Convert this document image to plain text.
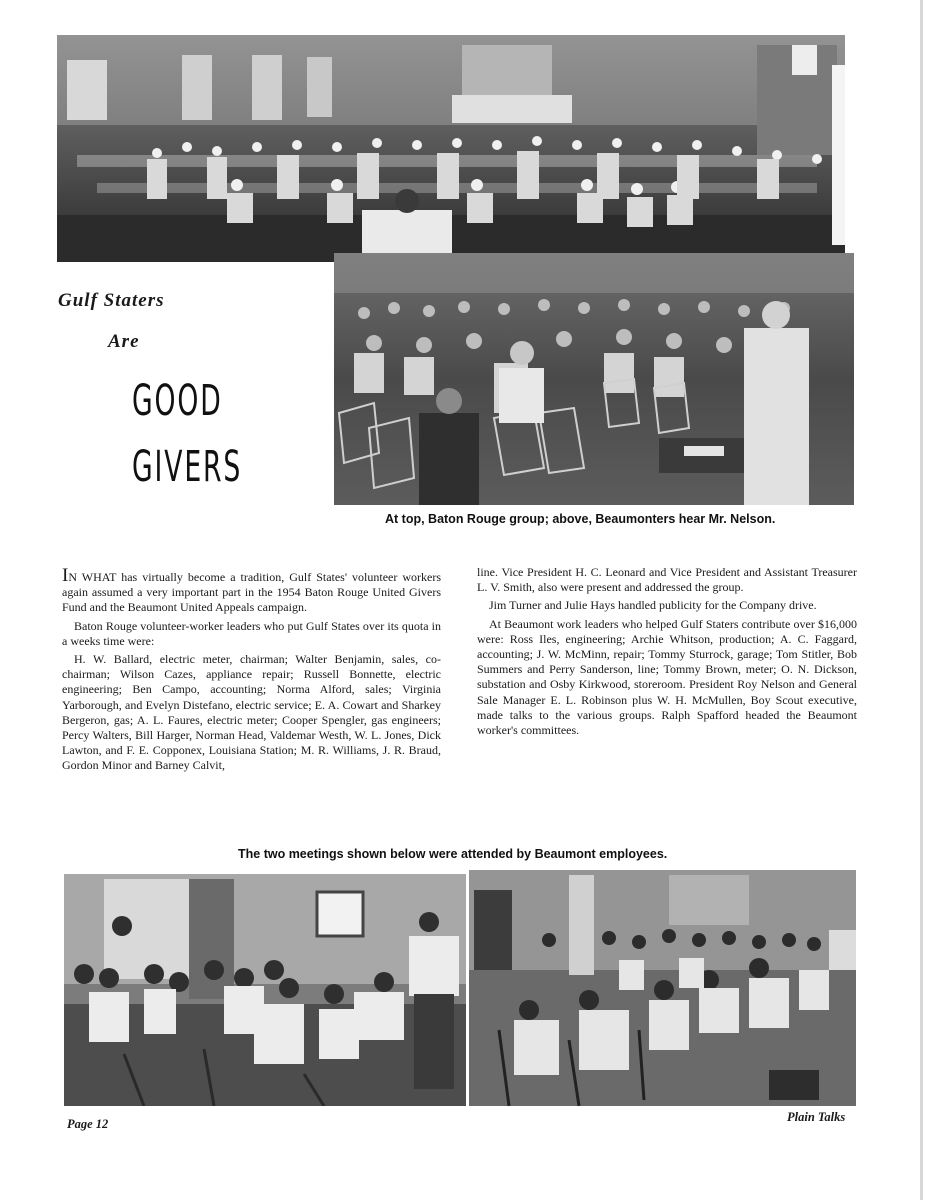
Gulf Staters
Are
GOOD
GIVERS
At top, Baton Rouge group; above, Beaumonters hear Mr. Nelson.

IN WHAT has virtually become a tradition, Gulf States' volunteer workers again assumed a very important part in the 1954 Baton Rouge United Givers Fund and the Beaumont United Appeals campaign.

Baton Rouge volunteer-worker leaders who put Gulf States over its quota in a weeks time were:

H. W. Ballard, electric meter, chairman; Walter Benjamin, sales, co-chairman; Wilson Cazes, appliance repair; Russell Bonnette, electric engineering; Ben Campo, accounting; Norma Alford, sales; Virginia Yarborough, and Evelyn Distefano, electric service; E. A. Cowart and Sharkey Bergeron, gas; A. L. Faures, electric meter; Cooper Spengler, gas engineers; Percy Walters, Bill Harger, Norman Head, Valdemar Westh, W. L. Jones, Dick Lawton, and F. E. Copponex, Louisiana Station; M. R. Williams, J. R. Braud, Gordon Minor and Barney Calvit,

line. Vice President H. C. Leonard and Vice President and Assistant Treasurer L. V. Smith, also were present and addressed the group.

Jim Turner and Julie Hays handled publicity for the Company drive.

At Beaumont work leaders who helped Gulf Staters contribute over $16,000 were: Ross Iles, engineering; Archie Whitson, production; A. C. Faggard, accounting; J. W. McMinn, repair; Tommy Sturrock, garage; Tom Stitler, Bob Summers and Perry Sanderson, line; Tommy Brown, meter; O. N. Dickson, substation and Osby Kirkwood, storeroom. President Roy Nelson and General Sale Manager E. L. Robinson plus W. H. McMullen, Boy Scout executive, made talks to the various groups. Ralph Spafford headed the Beaumont worker's committees.

The two meetings shown below were attended by Beaumont employees.
Page 12	Plain Talks
